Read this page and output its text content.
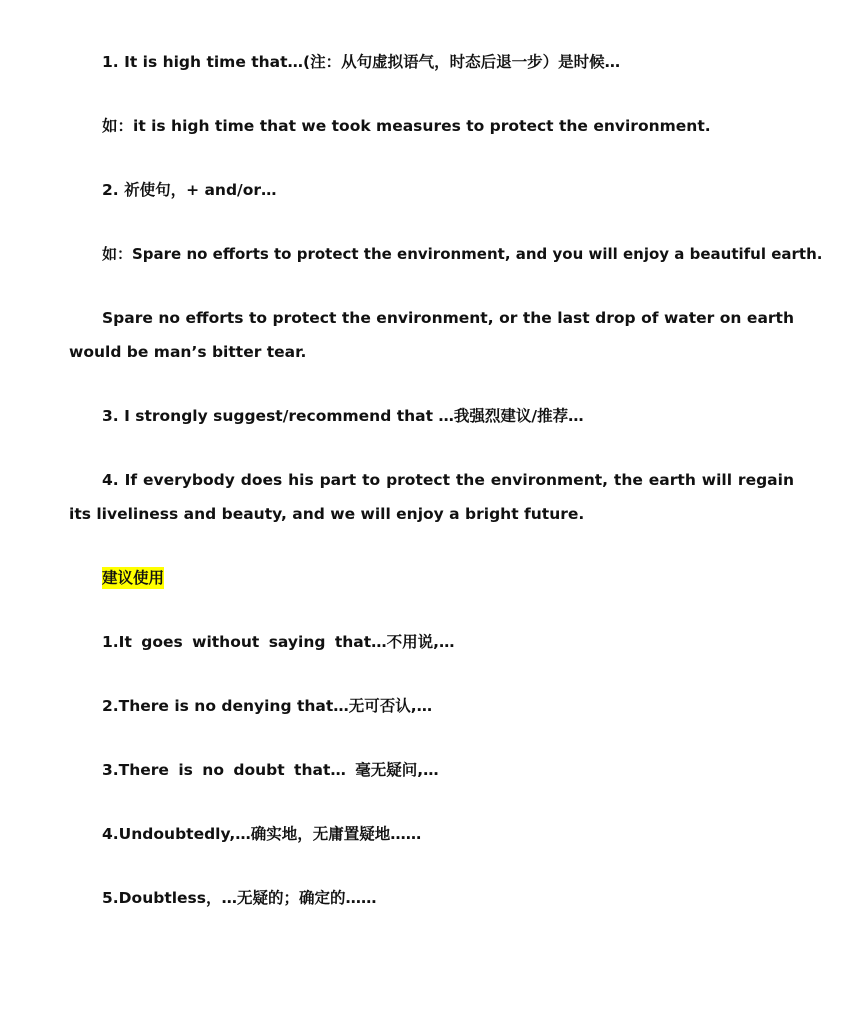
1. It is high time that…(注：从句虚拟语气，时态后退一步）是时候…

如：it is high time that we took measures to protect the environment.

2. 祈使句，+ and/or…

如：Spare no efforts to protect the environment, and you will enjoy a beautiful earth.

Spare no efforts to protect the environment, or the last drop of water on earth would be man’s bitter tear.

3. I strongly suggest/recommend that …我强烈建议/推荐…

4. If everybody does his part to protect the environment, the earth will regain its liveliness and beauty, and we will enjoy a bright future.

建议使用

1.It goes without saying that…不用说,…

2.There is no denying that…无可否认,…

3.There is no doubt that… 毫无疑问,…

4.Undoubtedly,…确实地，无庸置疑地……

5.Doubtless，…无疑的；确定的……
